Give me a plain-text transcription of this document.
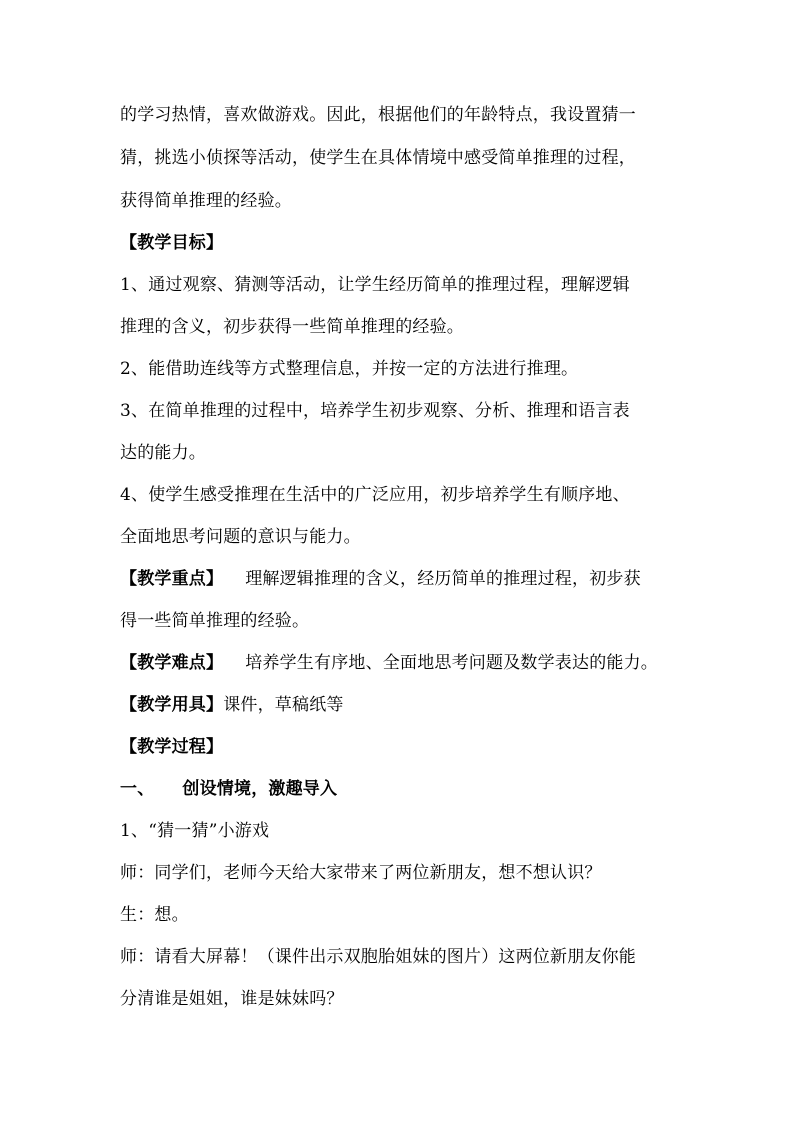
的学习热情，喜欢做游戏。因此，根据他们的年龄特点，我设置猜一
猜，挑选小侦探等活动，使学生在具体情境中感受简单推理的过程，
获得简单推理的经验。
【教学目标】
1、通过观察、猜测等活动，让学生经历简单的推理过程，理解逻辑
推理的含义，初步获得一些简单推理的经验。
2、能借助连线等方式整理信息，并按一定的方法进行推理。
3、在简单推理的过程中，培养学生初步观察、分析、推理和语言表
达的能力。
4、使学生感受推理在生活中的广泛应用，初步培养学生有顺序地、
全面地思考问题的意识与能力。
【教学重点】 理解逻辑推理的含义，经历简单的推理过程，初步获
得一些简单推理的经验。
【教学难点】 培养学生有序地、全面地思考问题及数学表达的能力。
【教学用具】课件，草稿纸等
【教学过程】
一、 创设情境，激趣导入
1、“猜一猜”小游戏
师：同学们，老师今天给大家带来了两位新朋友，想不想认识？
生：想。
师：请看大屏幕！（课件出示双胞胎姐妹的图片）这两位新朋友你能
分清谁是姐姐，谁是妹妹吗？
